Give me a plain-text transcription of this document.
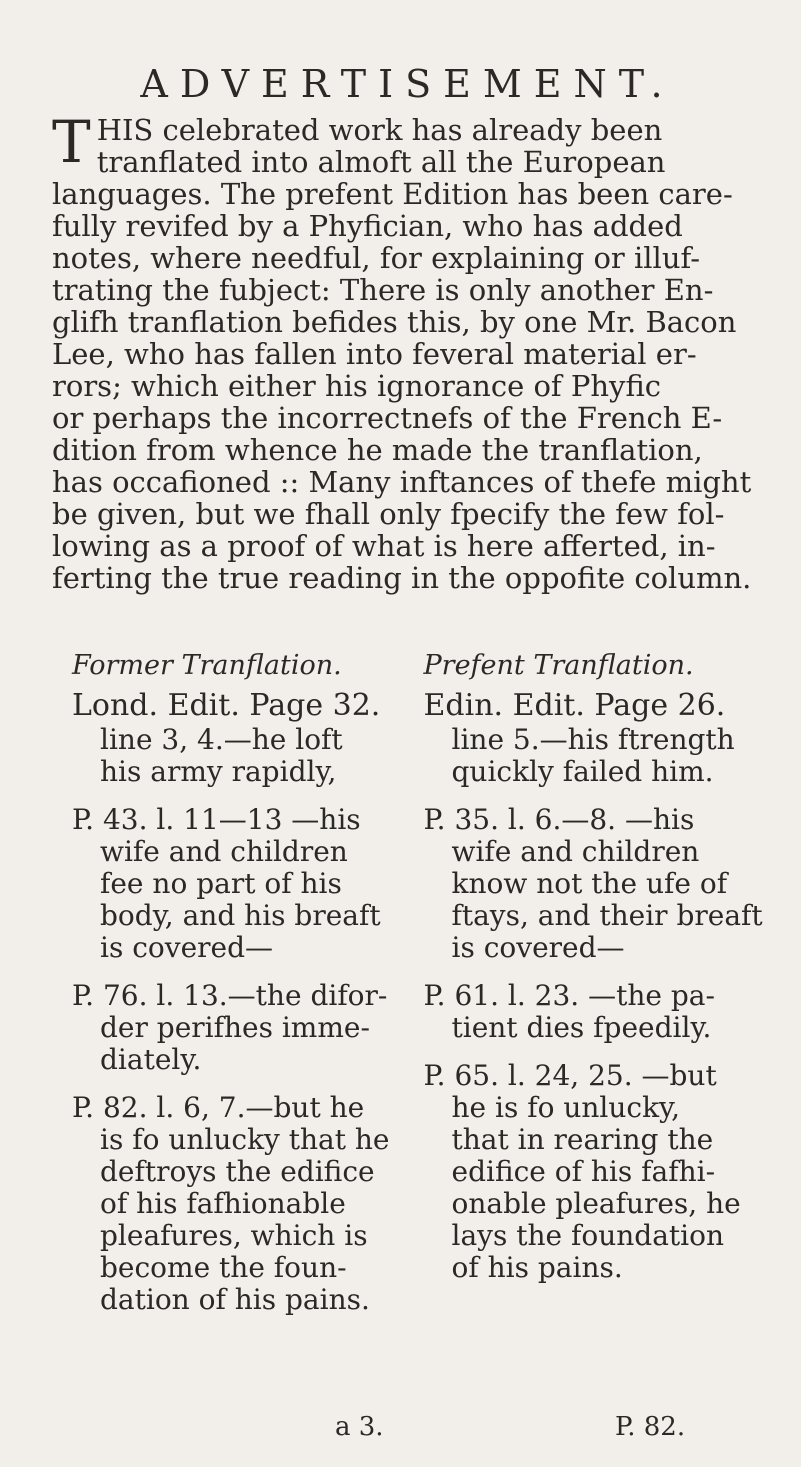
ADVERTISEMENT.
T HIS celebrated work has already been
tranflated into almoft all the European
languages. The prefent Edition has been care-
fully revifed by a Phyfician, who has added
notes, where needful, for explaining or illuf-
trating the fubject: There is only another En-
glifh tranflation befides this, by one Mr. Bacon
Lee, who has fallen into feveral material er-
rors; which either his ignorance of Phyfic
or perhaps the incorrectnefs of the French E-
dition from whence he made the tranflation,
has occafioned :: Many inftances of thefe might
be given, but we fhall only fpecify the few fol-
lowing as a proof of what is here afferted, in-
ferting the true reading in the oppofite column.
Former Tranflation.
Lond. Edit. Page 32.
line 3, 4.—he loft
his army rapidly,
P. 43. l. 11—13 —his
wife and children
fee no part of his
body, and his breaft
is covered—
P. 76. l. 13.—the difor-
der perifhes imme-
diately.
P. 82. l. 6, 7.—but he
is fo unlucky that he
deftroys the edifice
of his fafhionable
pleafures, which is
become the foun-
dation of his pains.
Prefent Tranflation.
Edin. Edit. Page 26.
line 5.—his ftrength
quickly failed him.
P. 35. l. 6.—8. —his
wife and children
know not the ufe of
ftays, and their breaft
is covered—
P. 61. l. 23. —the pa-
tient dies fpeedily.
P. 65. l. 24, 25. —but
he is fo unlucky,
that in rearing the
edifice of his fafhi-
onable pleafures, he
lays the foundation
of his pains.
a 3.	P. 82.
